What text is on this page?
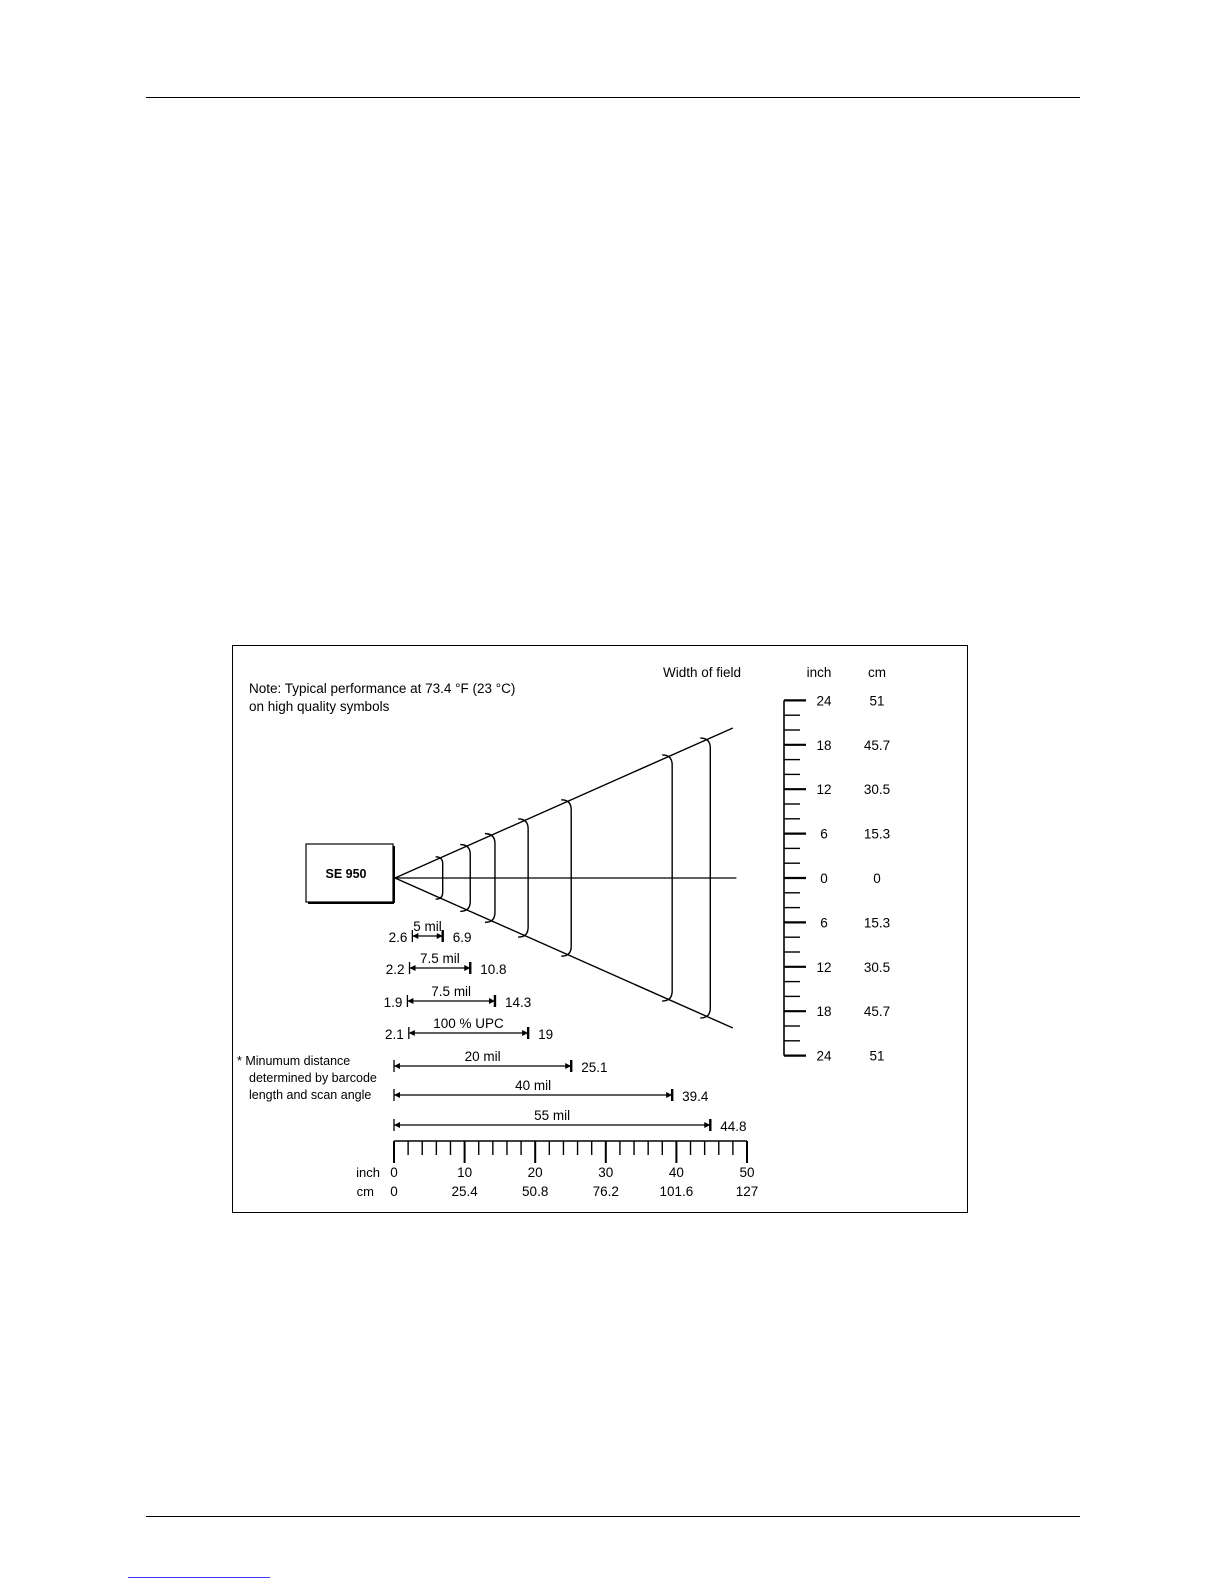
Note: Typical performance at 73.4 °F (23 °C)
on high quality symbols
Width of field	inch	cm
SE 950
* Minumum distance
determined by barcode
length and scan angle
inch
cm
5 mil
2.6	6.9
7.5 mil
2.2	10.8
7.5 mil
1.9	14.3
100 % UPC
2.1	19
20 mil
25.1
40 mil
39.4
55 mil
44.8
24	51
18 45.7
12 30.5
6	15.3
0	0
6	15.3
12 30.5
18 45.7
24	51
0	10	20	30	40	50
0	25.4	50.8	76.2	101.6	127
